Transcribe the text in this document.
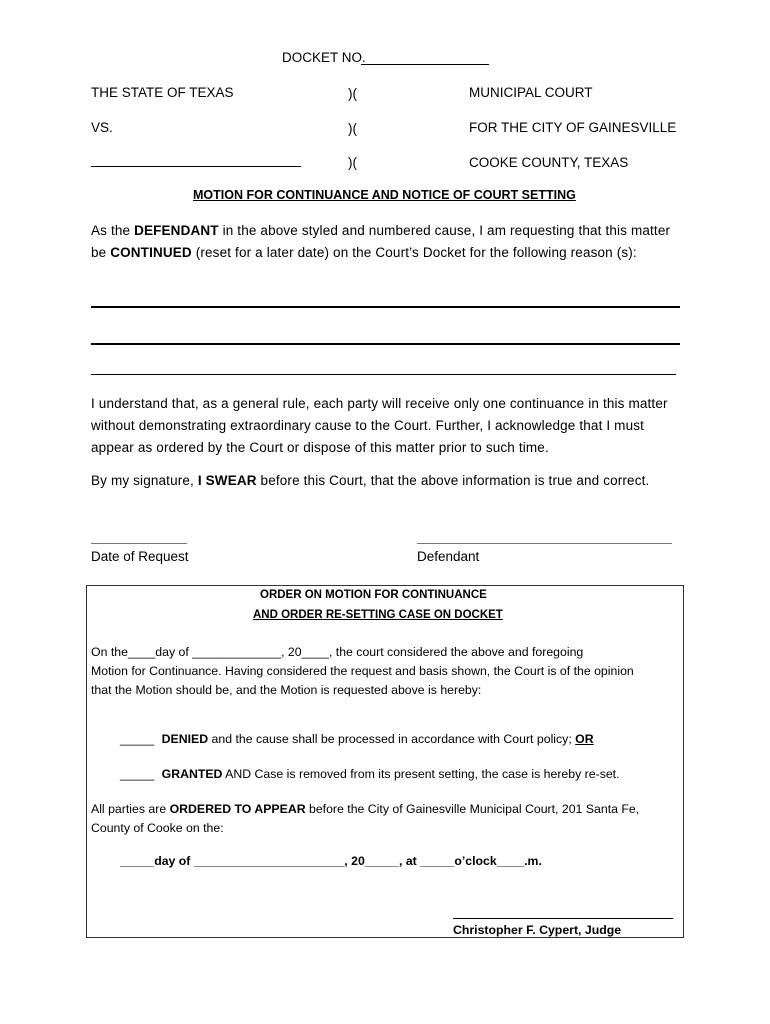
DOCKET NO.
THE STATE OF TEXAS
VS.
)(
)(
)(
MUNICIPAL COURT
FOR THE CITY OF GAINESVILLE
COOKE COUNTY, TEXAS
MOTION FOR CONTINUANCE AND NOTICE OF COURT SETTING
As the DEFENDANT in the above styled and numbered cause, I am requesting that this matter
be CONTINUED (reset for a later date) on the Court’s Docket for the following reason (s):
I understand that, as a general rule, each party will receive only one continuance in this matter
without demonstrating extraordinary cause to the Court. Further, I acknowledge that I must
appear as ordered by the Court or dispose of this matter prior to such time.
By my signature, I SWEAR before this Court, that the above information is true and correct.
Date of Request	Defendant
ORDER ON MOTION FOR CONTINUANCE
AND ORDER RE-SETTING CASE ON DOCKET
On the____day of _____________, 20____, the court considered the above and foregoing
Motion for Continuance. Having considered the request and basis shown, the Court is of the opinion
that the Motion should be, and the Motion is requested above is hereby:
_____ DENIED and the cause shall be processed in accordance with Court policy; OR
_____ GRANTED AND Case is removed from its present setting, the case is hereby re-set.
All parties are ORDERED TO APPEAR before the City of Gainesville Municipal Court, 201 Santa Fe,
County of Cooke on the:
_____day of ______________________, 20_____, at _____o’clock____.m.
Christopher F. Cypert, Judge
